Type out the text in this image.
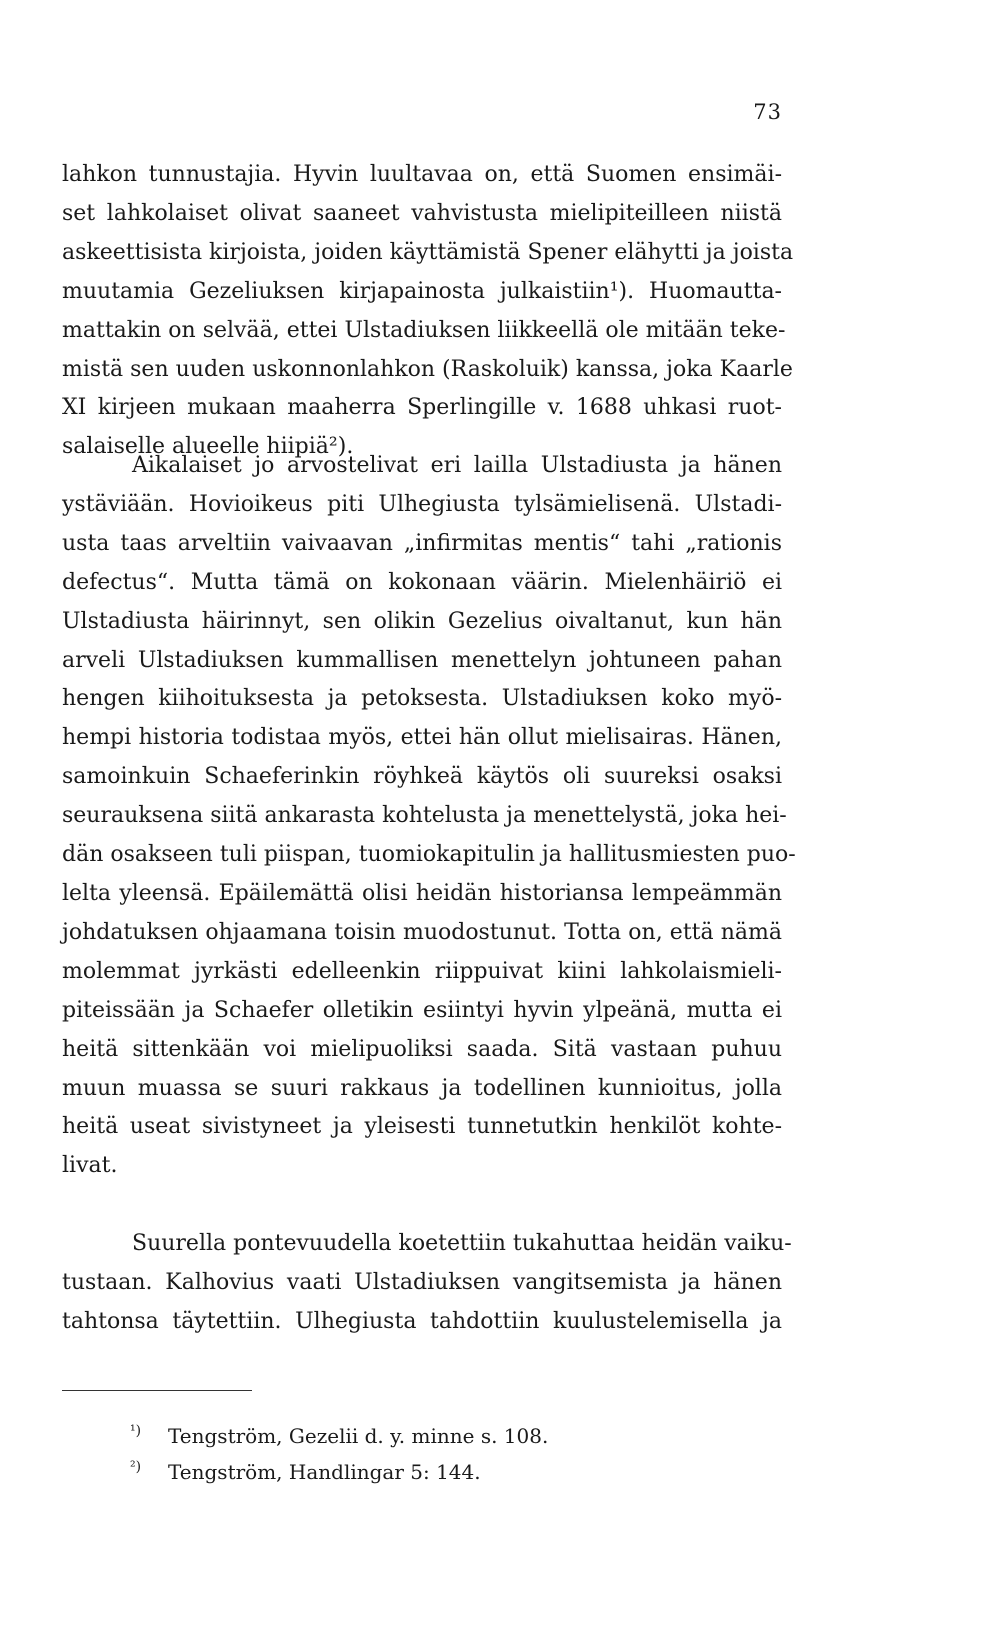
73
lahkon tunnustajia. Hyvin luultavaa on, että Suomen ensimäi-
set lahkolaiset olivat saaneet vahvistusta mielipiteilleen niistä
askeettisista kirjoista, joiden käyttämistä Spener elähytti ja joista
muutamia Gezeliuksen kirjapainosta julkaistiin¹). Huomautta-
mattakin on selvää, ettei Ulstadiuksen liikkeellä ole mitään teke-
mistä sen uuden uskonnonlahkon (Raskoluik) kanssa, joka Kaarle
XI kirjeen mukaan maaherra Sperlingille v. 1688 uhkasi ruot-
salaiselle alueelle hiipiä²).
Aikalaiset jo arvostelivat eri lailla Ulstadiusta ja hänen
ystäviään. Hovioikeus piti Ulhegiusta tylsämielisenä. Ulstadi-
usta taas arveltiin vaivaavan „infirmitas mentis“ tahi „rationis
defectus“. Mutta tämä on kokonaan väärin. Mielenhäiriö ei
Ulstadiusta häirinnyt, sen olikin Gezelius oivaltanut, kun hän
arveli Ulstadiuksen kummallisen menettelyn johtuneen pahan
hengen kiihoituksesta ja petoksesta. Ulstadiuksen koko myö-
hempi historia todistaa myös, ettei hän ollut mielisairas. Hänen,
samoinkuin Schaeferinkin röyhkeä käytös oli suureksi osaksi
seurauksena siitä ankarasta kohtelusta ja menettelystä, joka hei-
dän osakseen tuli piispan, tuomiokapitulin ja hallitusmiesten puo-
lelta yleensä. Epäilemättä olisi heidän historiansa lempeämmän
johdatuksen ohjaamana toisin muodostunut. Totta on, että nämä
molemmat jyrkästi edelleenkin riippuivat kiini lahkolaismieli-
piteissään ja Schaefer olletikin esiintyi hyvin ylpeänä, mutta ei
heitä sittenkään voi mielipuoliksi saada. Sitä vastaan puhuu
muun muassa se suuri rakkaus ja todellinen kunnioitus, jolla
heitä useat sivistyneet ja yleisesti tunnetutkin henkilöt kohte-
livat.
Suurella pontevuudella koetettiin tukahuttaa heidän vaiku-
tustaan. Kalhovius vaati Ulstadiuksen vangitsemista ja hänen
tahtonsa täytettiin. Ulhegiusta tahdottiin kuulustelemisella ja
¹) Tengström, Gezelii d. y. minne s. 108.
²) Tengström, Handlingar 5: 144.
